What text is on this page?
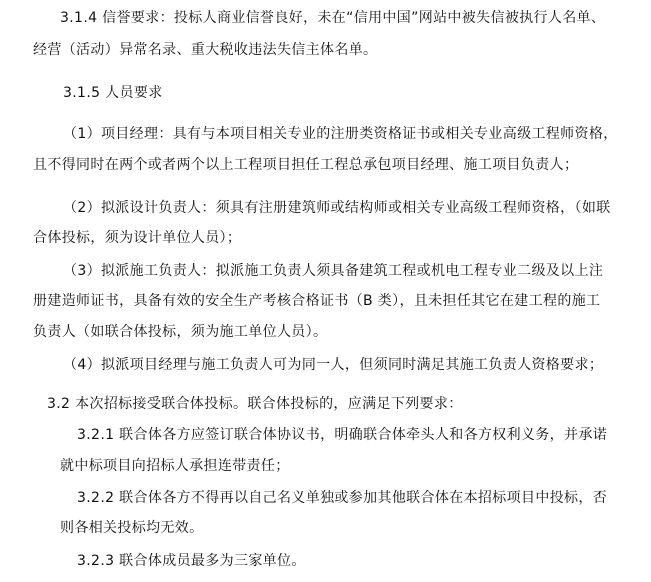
3.1.4 信誉要求：投标人商业信誉良好，未在“信用中国”网站中被失信被执行人名单、
经营（活动）异常名录、重大税收违法失信主体名单。
3.1.5 人员要求
（1）项目经理：具有与本项目相关专业的注册类资格证书或相关专业高级工程师资格，
且不得同时在两个或者两个以上工程项目担任工程总承包项目经理、施工项目负责人；
（2）拟派设计负责人：须具有注册建筑师或结构师或相关专业高级工程师资格，（如联
合体投标，须为设计单位人员）；
（3）拟派施工负责人：拟派施工负责人须具备建筑工程或机电工程专业二级及以上注
册建造师证书，具备有效的安全生产考核合格证书（B 类），且未担任其它在建工程的施工
负责人（如联合体投标，须为施工单位人员）。
（4）拟派项目经理与施工负责人可为同一人，但须同时满足其施工负责人资格要求；
3.2 本次招标接受联合体投标。联合体投标的，应满足下列要求：
3.2.1 联合体各方应签订联合体协议书，明确联合体牵头人和各方权利义务，并承诺
就中标项目向招标人承担连带责任；
3.2.2 联合体各方不得再以自己名义单独或参加其他联合体在本招标项目中投标，否
则各相关投标均无效。
3.2.3 联合体成员最多为三家单位。
